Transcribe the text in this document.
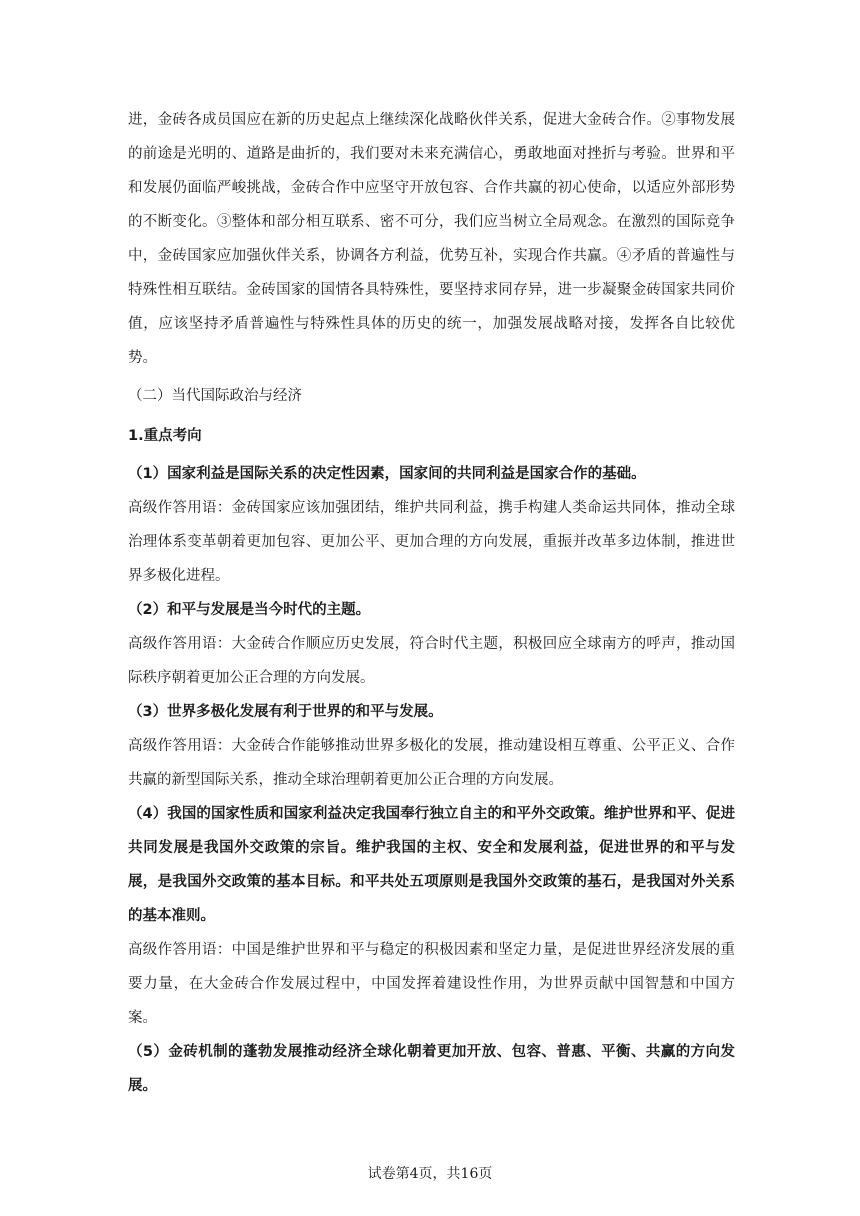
进，金砖各成员国应在新的历史起点上继续深化战略伙伴关系，促进大金砖合作。②事物发展的前途是光明的、道路是曲折的，我们要对未来充满信心，勇敢地面对挫折与考验。世界和平和发展仍面临严峻挑战，金砖合作中应坚守开放包容、合作共赢的初心使命，以适应外部形势的不断变化。③整体和部分相互联系、密不可分，我们应当树立全局观念。在激烈的国际竞争中，金砖国家应加强伙伴关系，协调各方利益，优势互补，实现合作共赢。④矛盾的普遍性与特殊性相互联结。金砖国家的国情各具特殊性，要坚持求同存异，进一步凝聚金砖国家共同价值，应该坚持矛盾普遍性与特殊性具体的历史的统一，加强发展战略对接，发挥各自比较优势。

（二）当代国际政治与经济
1.重点考向

（1）国家利益是国际关系的决定性因素，国家间的共同利益是国家合作的基础。

高级作答用语：金砖国家应该加强团结，维护共同利益，携手构建人类命运共同体，推动全球治理体系变革朝着更加包容、更加公平、更加合理的方向发展，重振并改革多边体制，推进世界多极化进程。

（2）和平与发展是当今时代的主题。

高级作答用语：大金砖合作顺应历史发展，符合时代主题，积极回应全球南方的呼声，推动国际秩序朝着更加公正合理的方向发展。

（3）世界多极化发展有利于世界的和平与发展。

高级作答用语：大金砖合作能够推动世界多极化的发展，推动建设相互尊重、公平正义、合作共赢的新型国际关系，推动全球治理朝着更加公正合理的方向发展。

（4）我国的国家性质和国家利益决定我国奉行独立自主的和平外交政策。维护世界和平、促进共同发展是我国外交政策的宗旨。维护我国的主权、安全和发展利益，促进世界的和平与发展，是我国外交政策的基本目标。和平共处五项原则是我国外交政策的基石，是我国对外关系的基本准则。

高级作答用语：中国是维护世界和平与稳定的积极因素和坚定力量，是促进世界经济发展的重要力量，在大金砖合作发展过程中，中国发挥着建设性作用，为世界贡献中国智慧和中国方案。

（5）金砖机制的蓬勃发展推动经济全球化朝着更加开放、包容、普惠、平衡、共赢的方向发展。

试卷第4页，共16页
